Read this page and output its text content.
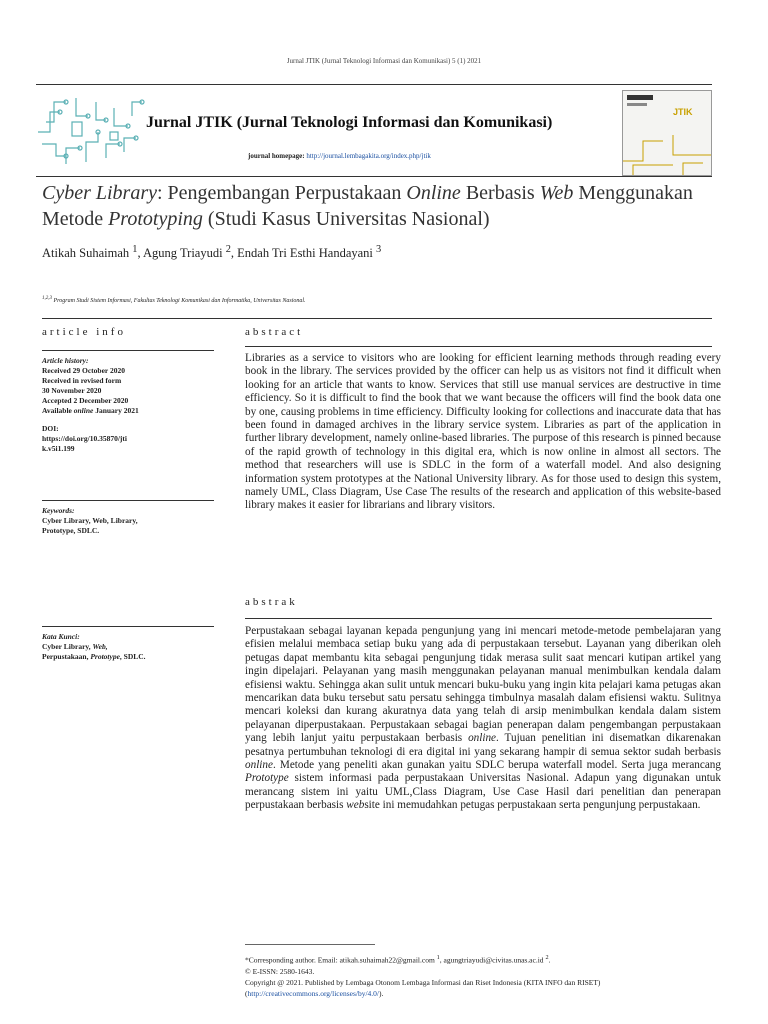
Jurnal JTIK (Jurnal Teknologi Informasi dan Komunikasi) 5 (1) 2021
Jurnal JTIK (Jurnal Teknologi Informasi dan Komunikasi)
journal homepage: http://journal.lembagakita.org/index.php/jtik
JTIK
Cyber Library: Pengembangan Perpustakaan Online Berbasis Web Menggunakan Metode Prototyping (Studi Kasus Universitas Nasional)
Atikah Suhaimah $^1$, Agung Triayudi $^2$, Endah Tri Esthi Handayani $^3$
$^{1,2,3}$ Program Studi Sistem Informasi, Fakultas Teknologi Komunikasi dan Informatika, Universitas Nasional.
article info
Article history:
Received 29 October 2020
Received in revised form
30 November 2020
Accepted 2 December 2020
Available online January 2021
DOI:
https://doi.org/10.35870/jti
k.v5i1.199
Keywords:
Cyber Library, Web, Library,
Prototype, SDLC.
Kata Kunci:
Cyber Library, Web,
Perpustakaan, Prototype, SDLC.
abstract
Libraries as a service to visitors who are looking for efficient learning methods through reading every book in the library. The services provided by the officer can help us as visitors not find it difficult when looking for an article that wants to know. Services that still use manual services are destructive in time efficiency. So it is difficult to find the book that we want because the officers will find the book data one by one, causing problems in time efficiency. Difficulty looking for collections and inaccurate data that has been found in damaged archives in the library service system. Libraries as part of the application in further library development, namely online-based libraries. The purpose of this research is pinned because of the rapid growth of technology in this digital era, which is now online in almost all sectors. The method that researchers will use is SDLC in the form of a waterfall model. And also designing information system prototypes at the National University library. As for those used to design this system, namely UML, Class Diagram, Use Case The results of the research and application of this website-based library makes it easier for librarians and library visitors.
abstrak
Perpustakaan sebagai layanan kepada pengunjung yang ini mencari metode-metode pembelajaran yang efisien melalui membaca setiap buku yang ada di perpustakaan tersebut. Layanan yang diberikan oleh petugas dapat membantu kita sebagai pengunjung tidak merasa sulit saat mencari kutipan artikel yang ingin dipelajari. Pelayanan yang masih menggunakan pelayanan manual menimbulkan kendala dalam efisiensi waktu. Sehingga akan sulit untuk mencari buku-buku yang ingin kita pelajari kama petugas akan mencarikan data buku tersebut satu persatu sehingga timbulnya masalah dalam efisiensi waktu. Sulitnya mencari koleksi dan kurang akuratnya data yang telah di arsip menimbulkan kendala dalam sistem pelayanan diperpustakaan. Perpustakaan sebagai bagian penerapan dalam pengembangan perpustakaan yang lebih lanjut yaitu perpustakaan berbasis online. Tujuan penelitian ini disematkan dikarenakan pesatnya pertumbuhan teknologi di era digital ini yang sekarang hampir di semua sektor sudah berbasis online. Metode yang peneliti akan gunakan yaitu SDLC berupa waterfall model. Serta juga merancang Prototype sistem informasi pada perpustakaan Universitas Nasional. Adapun yang digunakan untuk merancang sistem ini yaitu UML,Class Diagram, Use Case Hasil dari penelitian dan penerapan perpustakaan berbasis website ini memudahkan petugas perpustakaan serta pengunjung perpustakaan.
*Corresponding author. Email: atikah.suhaimah22@gmail.com $^1$, agungtriayudi@civitas.unas.ac.id $^2$.
© E-ISSN: 2580-1643.
Copyright @ 2021. Published by Lembaga Otonom Lembaga Informasi dan Riset Indonesia (KITA INFO dan RISET)
(http://creativecommons.org/licenses/by/4.0/).
